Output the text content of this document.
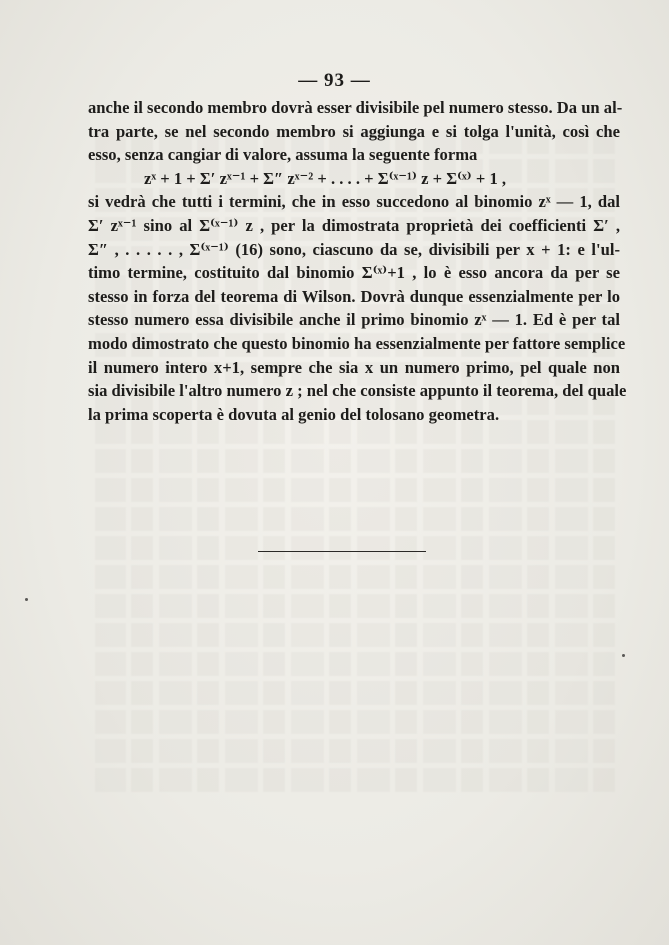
— 93 —
anche il secondo membro dovrà esser divisibile pel numero stesso. Da un al-
tra parte, se nel secondo membro si aggiunga e si tolga l'unità, così che
esso, senza cangiar di valore, assuma la seguente forma
zˣ + 1 + Σ′ zˣ⁻¹ + Σ″ zˣ⁻² + . . . . + Σ⁽ˣ⁻¹⁾ z + Σ⁽ˣ⁾ + 1 ,
si vedrà che tutti i termini, che in esso succedono al binomio zˣ — 1, dal
Σ′ zˣ⁻¹ sino al Σ⁽ˣ⁻¹⁾ z , per la dimostrata proprietà dei coefficienti Σ′ ,
Σ″ , . . . . . , Σ⁽ˣ⁻¹⁾ (16) sono, ciascuno da se, divisibili per x + 1: e l'ul-
timo termine, costituito dal binomio Σ⁽ˣ⁾+1 , lo è esso ancora da per se
stesso in forza del teorema di Wilson. Dovrà dunque essenzialmente per lo
stesso numero essa divisibile anche il primo binomio zˣ — 1. Ed è per tal
modo dimostrato che questo binomio ha essenzialmente per fattore semplice
il numero intero x+1, sempre che sia x un numero primo, pel quale non
sia divisibile l'altro numero z ; nel che consiste appunto il teorema, del quale
la prima scoperta è dovuta al genio del tolosano geometra.
